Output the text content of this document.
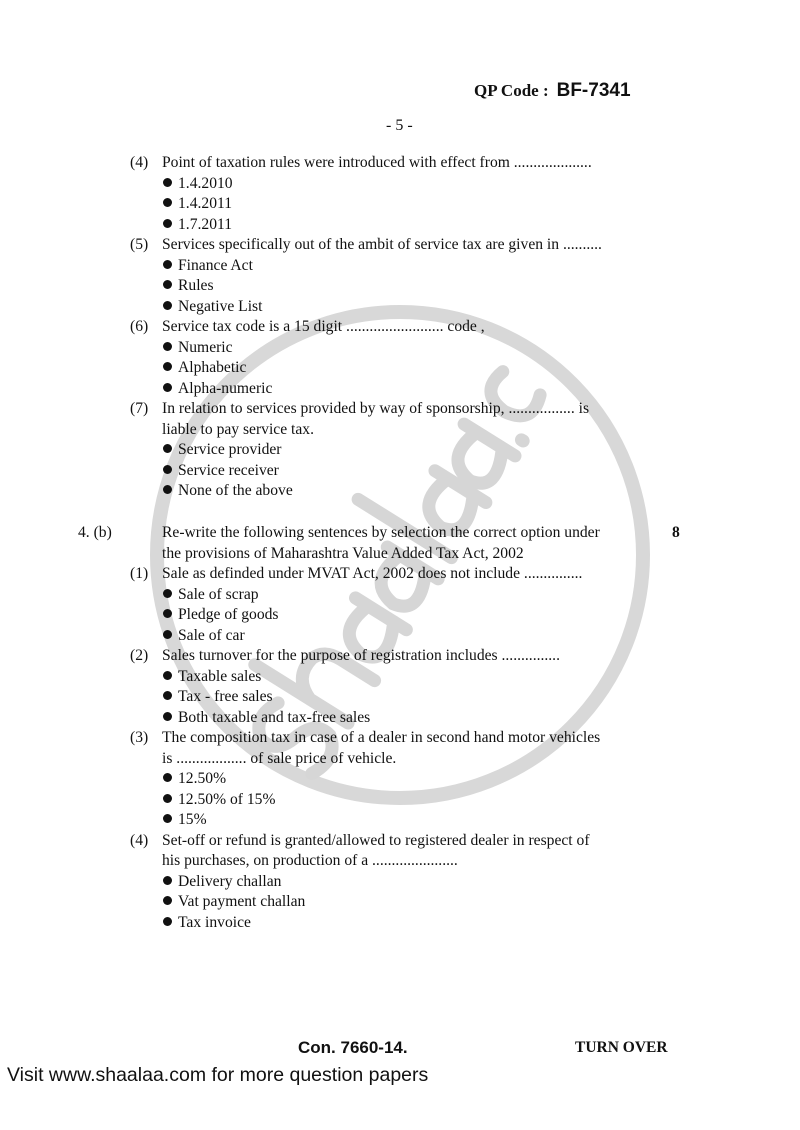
QP Code : BF-7341
- 5 -
(4) Point of taxation rules were introduced with effect from ....................
1.4.2010
1.4.2011
1.7.2011
(5) Services specifically out of the ambit of service tax are given in ..........
Finance Act
Rules
Negative List
(6) Service tax code is a 15 digit ......................... code ,
Numeric
Alphabetic
Alpha-numeric
(7) In relation to services provided by way of sponsorship, ................. is
liable to pay service tax.
Service provider
Service receiver
None of the above
4. (b)	8
Re-write the following sentences by selection the correct option under
the provisions of Maharashtra Value Added Tax Act, 2002
(1) Sale as definded under MVAT Act, 2002 does not include ...............
Sale of scrap
Pledge of goods
Sale of car
(2) Sales turnover for the purpose of registration includes ...............
Taxable sales
Tax - free sales
Both taxable and tax-free sales
(3) The composition tax in case of a dealer in second hand motor vehicles
is .................. of sale price of vehicle.
12.50%
12.50% of 15%
15%
(4) Set-off or refund is granted/allowed to registered dealer in respect of
his purchases, on production of a ......................
Delivery challan
Vat payment challan
Tax invoice
Con. 7660-14.	TURN OVER
Visit www.shaalaa.com for more question papers
